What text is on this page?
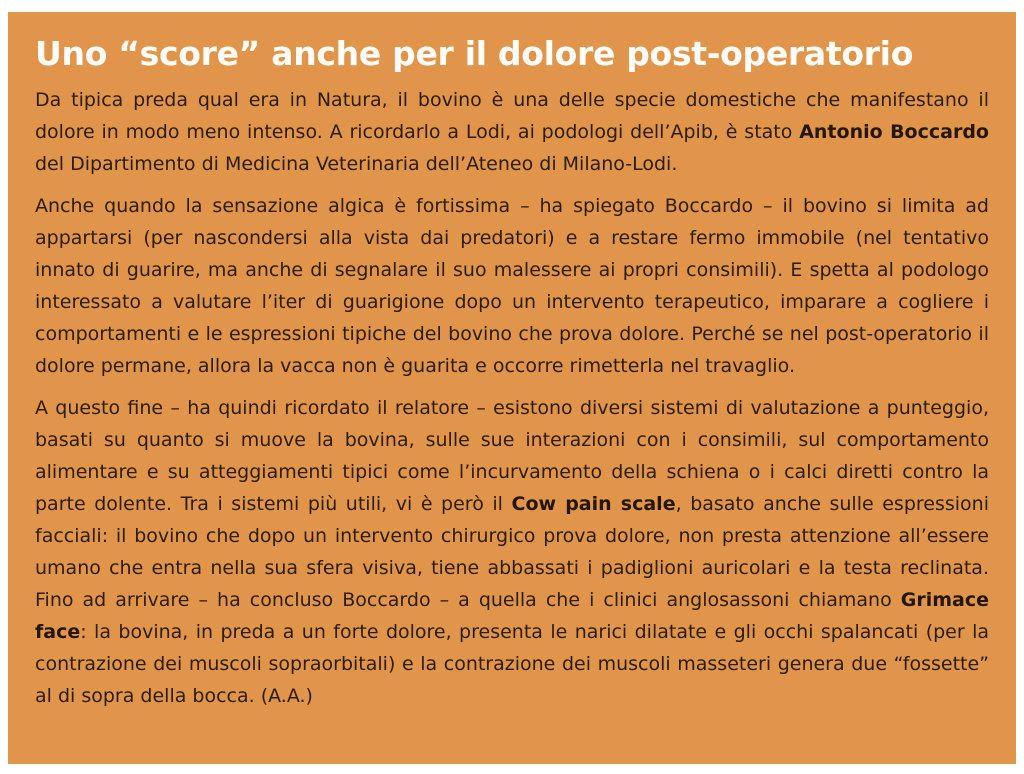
Uno “score” anche per il dolore post-operatorio

Da tipica preda qual era in Natura, il bovino è una delle specie domestiche che manifestano il dolore in modo meno intenso. A ricordarlo a Lodi, ai podologi dell’Apib, è stato Antonio Boccardo del Dipartimento di Medicina Veterinaria dell’Ateneo di Milano-Lodi.

Anche quando la sensazione algica è fortissima – ha spiegato Boccardo – il bovino si limita ad appartarsi (per nascondersi alla vista dai predatori) e a restare fermo immobile (nel tentativo innato di guarire, ma anche di segnalare il suo malessere ai propri consimili). E spetta al podologo interessato a valutare l’iter di guarigione dopo un intervento terapeutico, imparare a cogliere i comportamenti e le espressioni tipiche del bovino che prova dolore. Perché se nel post-operatorio il dolore permane, allora la vacca non è guarita e occorre rimetterla nel travaglio.

A questo fine – ha quindi ricordato il relatore – esistono diversi sistemi di valutazione a punteggio, basati su quanto si muove la bovina, sulle sue interazioni con i consimili, sul comportamento alimentare e su atteggiamenti tipici come l’incurvamento della schiena o i calci diretti contro la parte dolente. Tra i sistemi più utili, vi è però il Cow pain scale, basato anche sulle espressioni facciali: il bovino che dopo un intervento chirurgico prova dolore, non presta attenzione all’essere umano che entra nella sua sfera visiva, tiene abbassati i padiglioni auricolari e la testa reclinata. Fino ad arrivare – ha concluso Boccardo – a quella che i clinici anglosassoni chiamano Grimace face: la bovina, in preda a un forte dolore, presenta le narici dilatate e gli occhi spalancati (per la contrazione dei muscoli sopraorbitali) e la contrazione dei muscoli masseteri genera due “fossette” al di sopra della bocca. (A.A.)
